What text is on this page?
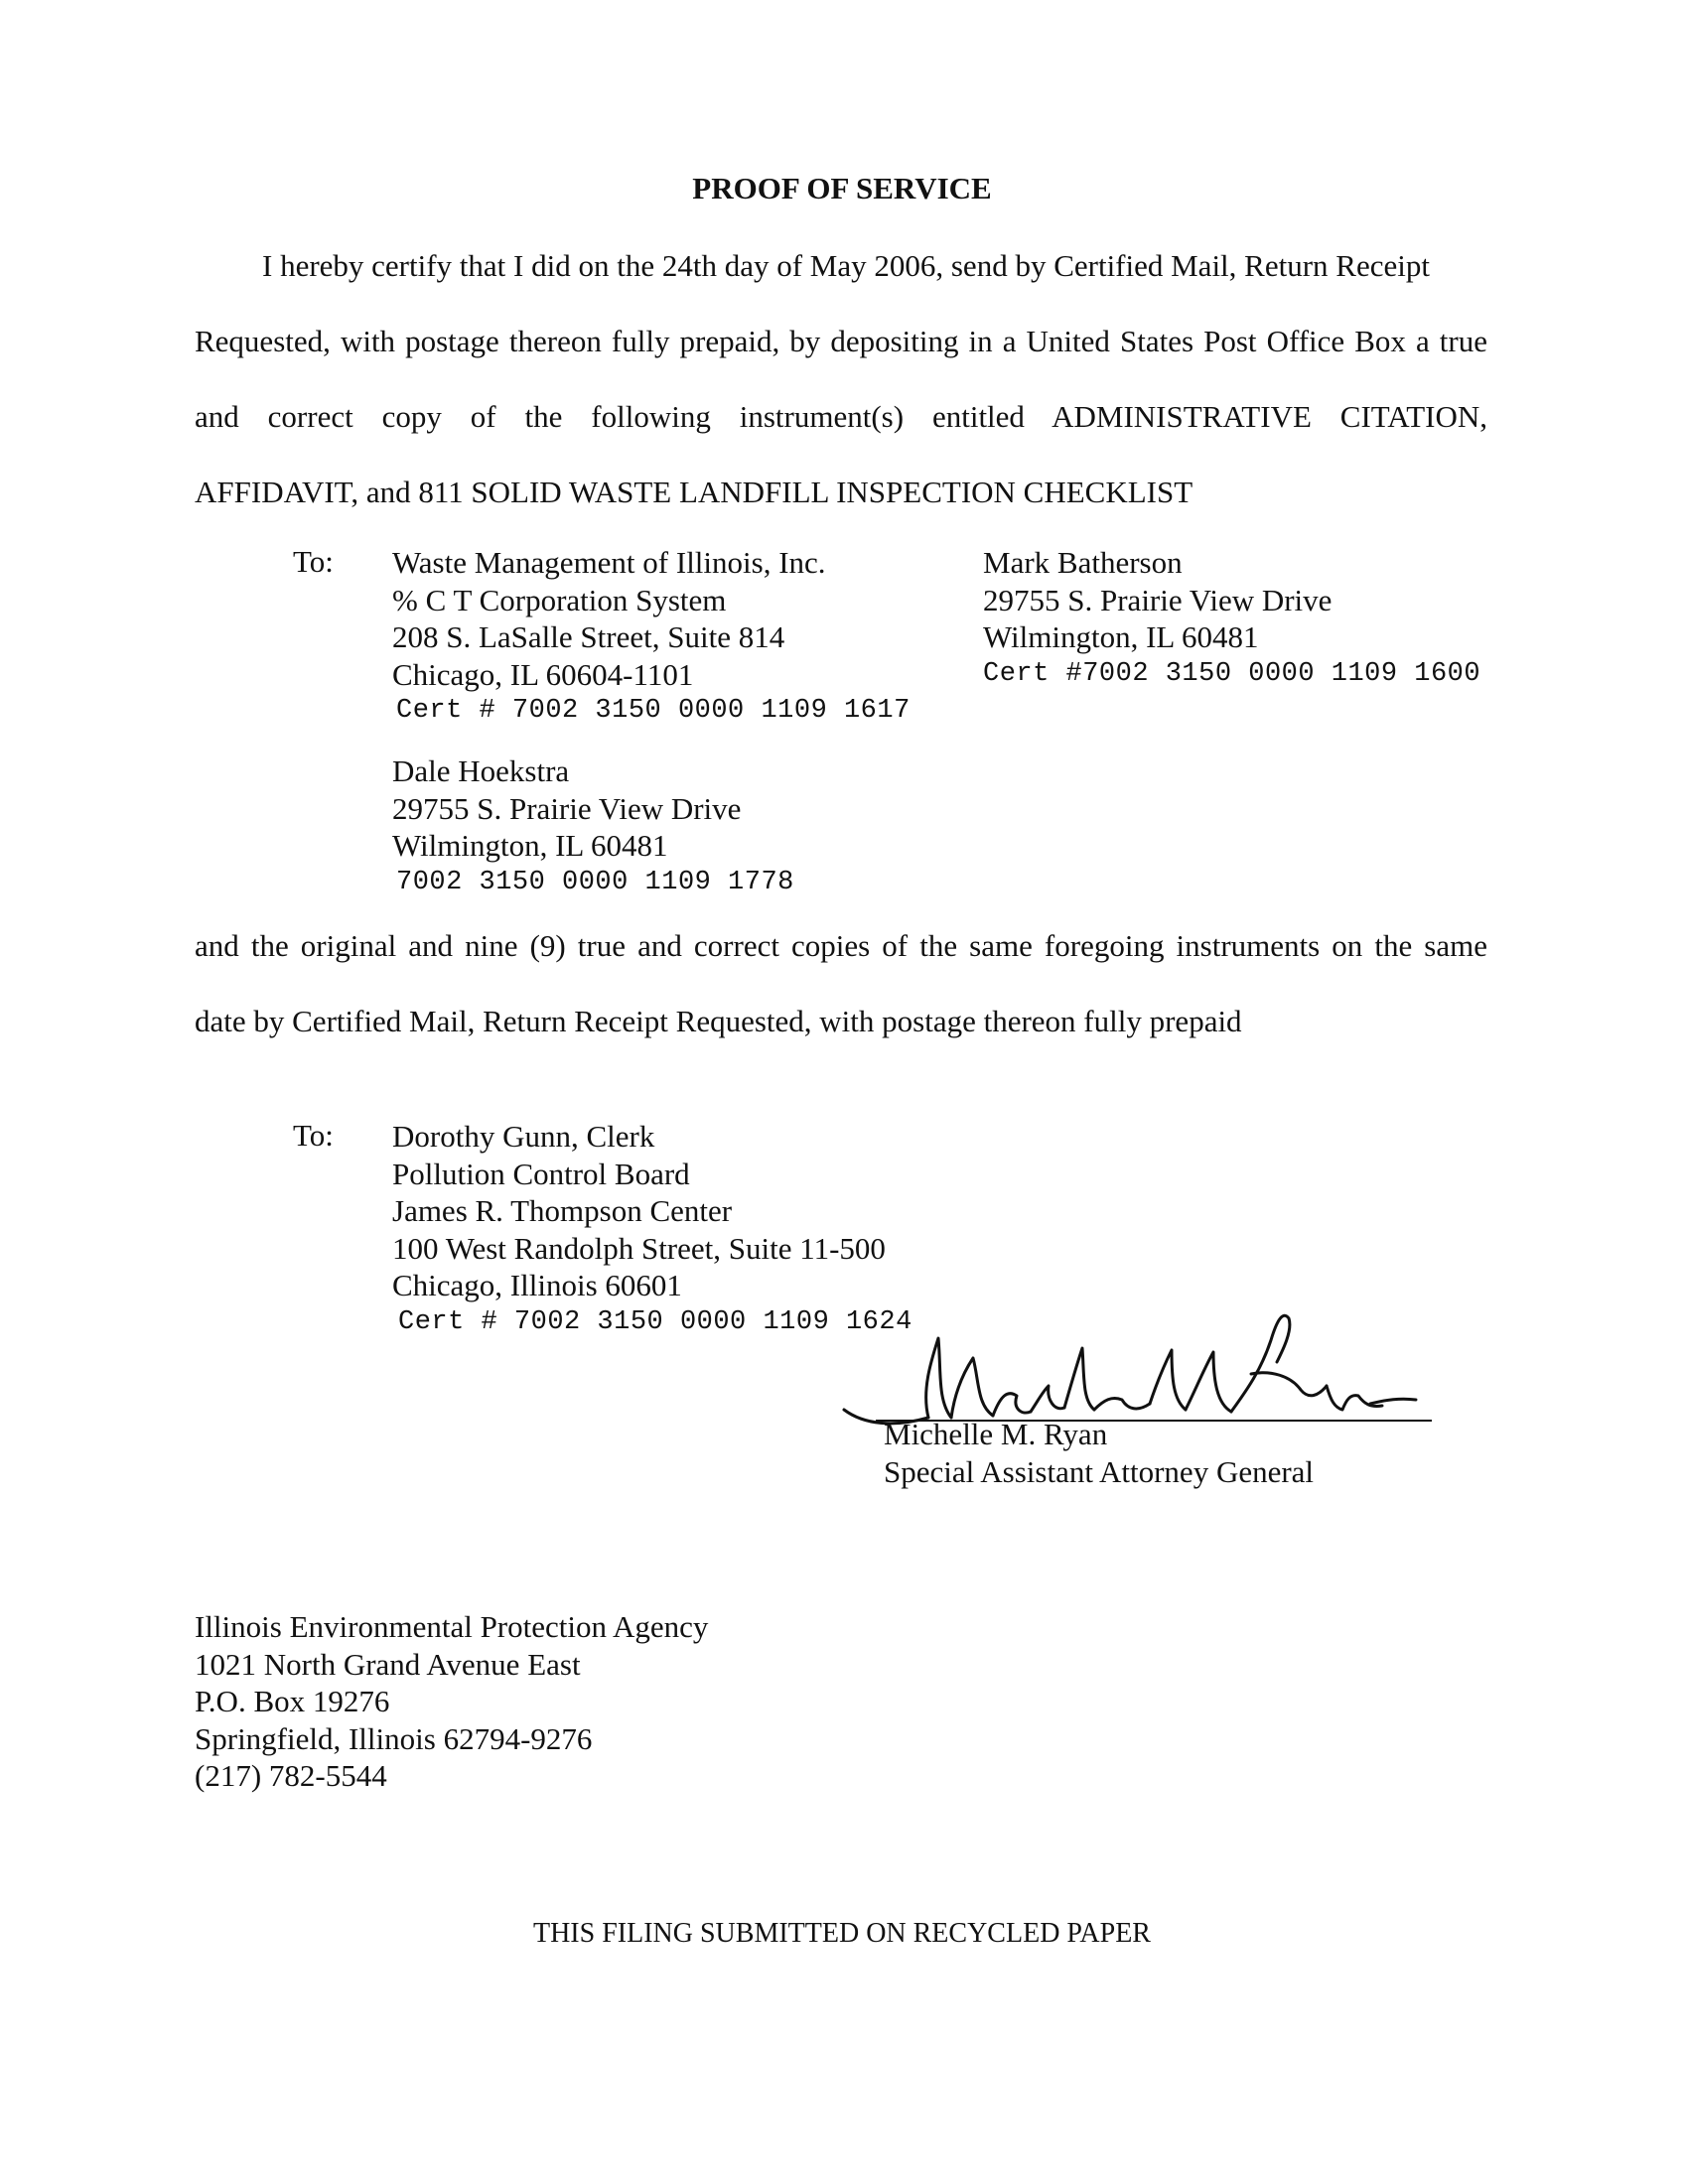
PROOF OF SERVICE
I hereby certify that I did on the 24th day of May 2006, send by Certified Mail, Return Receipt
Requested, with postage thereon fully prepaid, by depositing in a United States Post Office Box a true
and correct copy of the following instrument(s) entitled ADMINISTRATIVE CITATION,
AFFIDAVIT, and 811 SOLID WASTE LANDFILL INSPECTION CHECKLIST
To: Waste Management of Illinois, Inc.
% C T Corporation System
208 S. LaSalle Street, Suite 814
Chicago, IL 60604-1101
Cert # 7002 3150 0000 1109 1617
Mark Batherson
29755 S. Prairie View Drive
Wilmington, IL 60481
Cert #7002 3150 0000 1109 1600
Dale Hoekstra
29755 S. Prairie View Drive
Wilmington, IL 60481
7002 3150 0000 1109 1778
and the original and nine (9) true and correct copies of the same foregoing instruments on the same
date by Certified Mail, Return Receipt Requested, with postage thereon fully prepaid
To: Dorothy Gunn, Clerk
Pollution Control Board
James R. Thompson Center
100 West Randolph Street, Suite 11-500
Chicago, Illinois 60601
Cert # 7002 3150 0000 1109 1624
Michelle M. Ryan
Special Assistant Attorney General
Illinois Environmental Protection Agency
1021 North Grand Avenue East
P.O. Box 19276
Springfield, Illinois 62794-9276
(217) 782-5544
THIS FILING SUBMITTED ON RECYCLED PAPER
